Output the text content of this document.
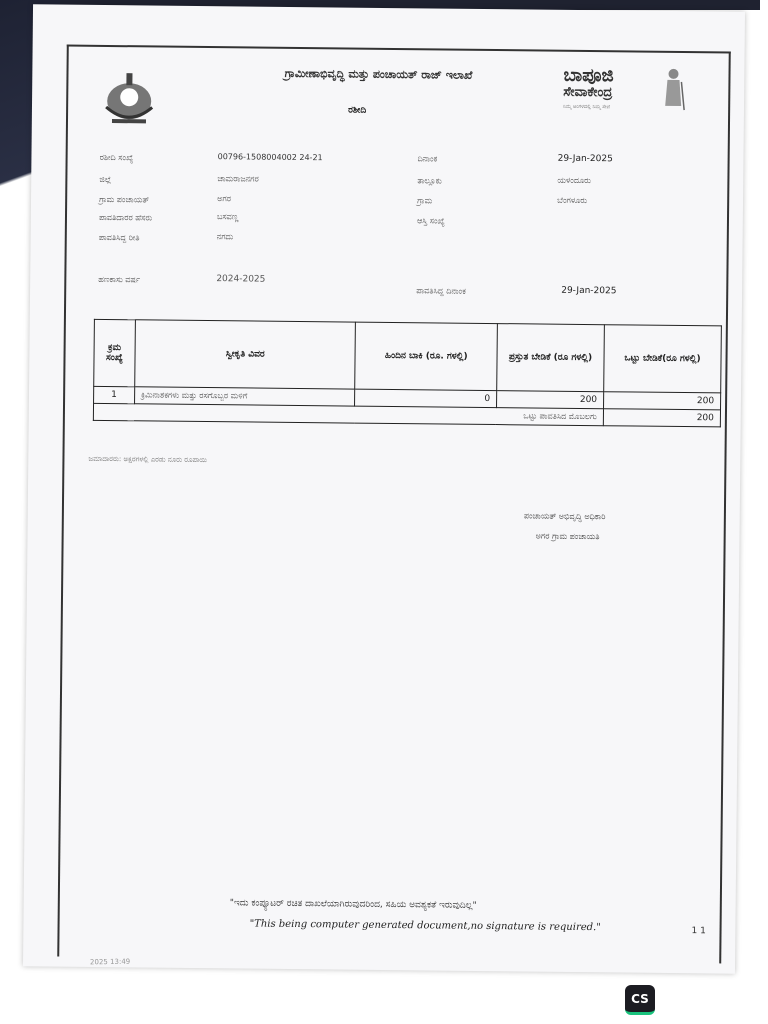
ಗ್ರಾಮೀಣಾಭಿವೃದ್ಧಿ ಮತ್ತು ಪಂಚಾಯತ್ ರಾಜ್ ಇಲಾಖೆ
ರಶೀದಿ
ಬಾಪೂಜಿ
ಸೇವಾಕೇಂದ್ರ
ನಿಮ್ಮ ಅಂಗಳದಲ್ಲಿ ನಿಮ್ಮ ಸೇವೆ
ರಶೀದಿ ಸಂಖ್ಯೆ	00796-1508004002 24-21
ಜಿಲ್ಲೆ	ಚಾಮರಾಜನಗರ
ಗ್ರಾಮ ಪಂಚಾಯತ್	ಅಗರ
ಪಾವತಿದಾರರ ಹೆಸರು	ಬಸವಣ್ಣ
ಪಾವತಿಸಿದ್ದ ರೀತಿ	ನಗದು
ದಿನಾಂಕ	29-Jan-2025
ತಾಲ್ಲೂಕು	ಯಳಂದೂರು
ಗ್ರಾಮ	ಬೆಂಗಳೂರು
ಆಸ್ತಿ ಸಂಖ್ಯೆ
ಹಣಕಾಸು ವರ್ಷ	2024-2025
ಪಾವತಿಸಿದ್ದ ದಿನಾಂಕ	29-Jan-2025
ಕ್ರಮ ಸಂಖ್ಯೆ	ಸ್ವೀಕೃತಿ ವಿವರ	ಹಿಂದಿನ ಬಾಕಿ (ರೂ. ಗಳಲ್ಲಿ)	ಪ್ರಸ್ತುತ ಬೇಡಿಕೆ (ರೂ ಗಳಲ್ಲಿ)	ಒಟ್ಟು ಬೇಡಿಕೆ(ರೂ ಗಳಲ್ಲಿ)
1	ಕ್ರಿಮಿನಾಶಕಗಳು ಮತ್ತು ರಸಗೊಬ್ಬರ ಮಳಿಗೆ	0	200	200
ಒಟ್ಟು ಪಾವತಿಸಿದ ಮೊಬಲಗು				200
ಜಮಾದಾರರು: ಅಕ್ಷರಗಳಲ್ಲಿ ಎರಡು ನೂರು ರೂಪಾಯಿ
ಪಂಚಾಯತ್ ಅಭಿವೃದ್ಧಿ ಅಧಿಕಾರಿ
ಅಗರ ಗ್ರಾಮ ಪಂಚಾಯತಿ
"ಇದು ಕಂಪ್ಯೂಟರ್ ರಚಿತ ದಾಖಲೆಯಾಗಿರುವುದರಿಂದ, ಸಹಿಯ ಅವಶ್ಯಕತೆ ಇರುವುದಿಲ್ಲ"
"This being computer generated document,no signature is required."	1 1
2025 13:49
CS
